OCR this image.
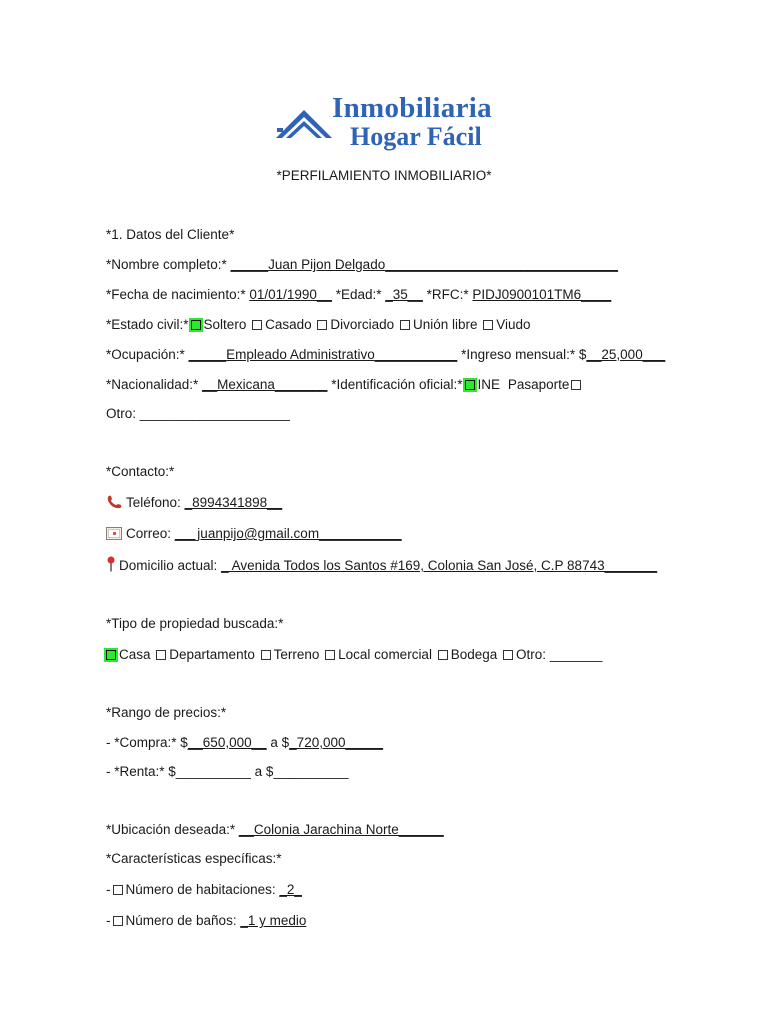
Inmobiliaria
Hogar Fácil
*PERFILAMIENTO INMOBILIARIO*
*1. Datos del Cliente*
*Nombre completo:* _____Juan Pijon Delgado_______________________________
*Fecha de nacimiento:* 01/01/1990__ *Edad:* _35__ *RFC:* PIDJ0900101TM6____
*Estado civil:* Soltero Casado Divorciado Unión libre Viudo
*Ocupación:* _____Empleado Administrativo___________ *Ingreso mensual:* $__25,000___
*Nacionalidad:* __Mexicana_______ *Identificación oficial:* INE Pasaporte
Otro: ____________________
*Contacto:*
Teléfono: _8994341898__
Correo: ___juanpijo@gmail.com___________
Domicilio actual: _ Avenida Todos los Santos #169, Colonia San José, C.P 88743_______
*Tipo de propiedad buscada:*
Casa Departamento Terreno Local comercial Bodega Otro: _______
*Rango de precios:*
- *Compra:* $__650,000__ a $_720,000_____
- *Renta:* $__________ a $__________
*Ubicación deseada:* __Colonia Jarachina Norte______
*Características específicas:*
- Número de habitaciones: _2_
- Número de baños: _1 y medio
